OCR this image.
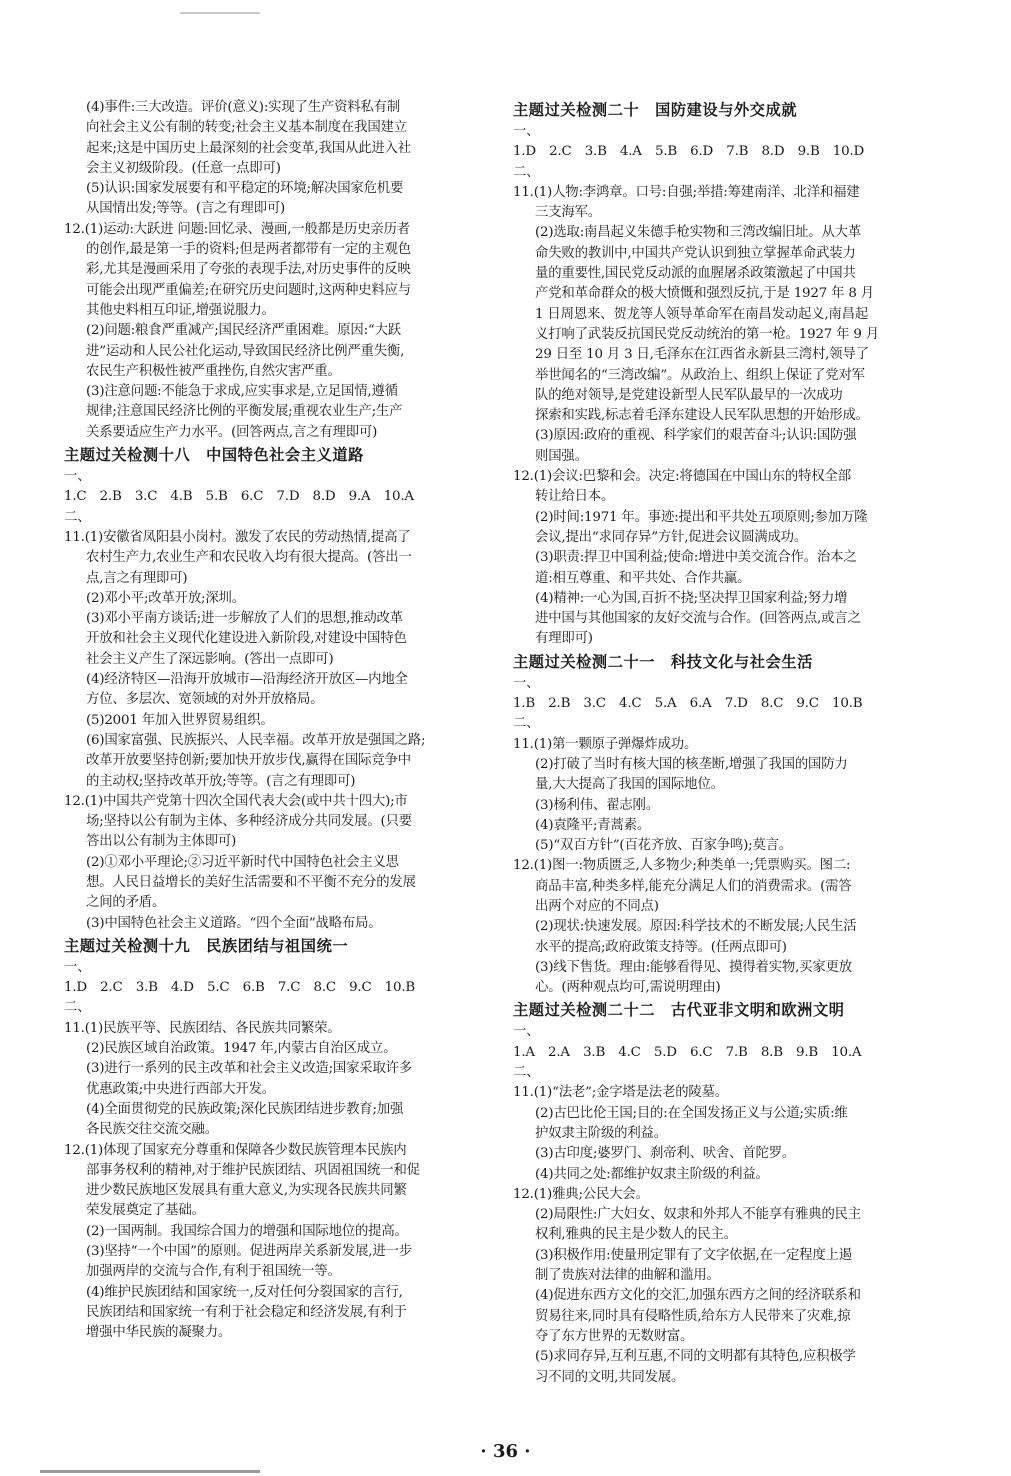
(4)事件:三大改造。评价(意义):实现了生产资料私有制
向社会主义公有制的转变;社会主义基本制度在我国建立
起来;这是中国历史上最深刻的社会变革,我国从此进入社
会主义初级阶段。(任意一点即可)
(5)认识:国家发展要有和平稳定的环境;解决国家危机要
从国情出发;等等。(言之有理即可)
12.(1)运动:大跃进 问题:回忆录、漫画,一般都是历史亲历者
的创作,最是第一手的资料;但是两者都带有一定的主观色
彩,尤其是漫画采用了夸张的表现手法,对历史事件的反映
可能会出现严重偏差;在研究历史问题时,这两种史料应与
其他史料相互印证,增强说服力。
(2)问题:粮食严重减产;国民经济严重困难。原因:“大跃
进”运动和人民公社化运动,导致国民经济比例严重失衡,
农民生产积极性被严重挫伤,自然灾害严重。
(3)注意问题:不能急于求成,应实事求是,立足国情,遵循
规律;注意国民经济比例的平衡发展;重视农业生产;生产
关系要适应生产力水平。(回答两点,言之有理即可)
主题过关检测十八　中国特色社会主义道路
一、
1.C　2.B　3.C　4.B　5.B　6.C　7.D　8.D　9.A　10.A
二、
11.(1)安徽省凤阳县小岗村。激发了农民的劳动热情,提高了
农村生产力,农业生产和农民收入均有很大提高。(答出一
点,言之有理即可)
(2)邓小平;改革开放;深圳。
(3)邓小平南方谈话;进一步解放了人们的思想,推动改革
开放和社会主义现代化建设进入新阶段,对建设中国特色
社会主义产生了深远影响。(答出一点即可)
(4)经济特区—沿海开放城市—沿海经济开放区—内地全
方位、多层次、宽领域的对外开放格局。
(5)2001 年加入世界贸易组织。
(6)国家富强、民族振兴、人民幸福。改革开放是强国之路;
改革开放要坚持创新;要加快开放步伐,赢得在国际竞争中
的主动权;坚持改革开放;等等。(言之有理即可)
12.(1)中国共产党第十四次全国代表大会(或中共十四大);市
场;坚持以公有制为主体、多种经济成分共同发展。(只要
答出以公有制为主体即可)
(2)①邓小平理论;②习近平新时代中国特色社会主义思
想。人民日益增长的美好生活需要和不平衡不充分的发展
之间的矛盾。
(3)中国特色社会主义道路。“四个全面”战略布局。
主题过关检测十九　民族团结与祖国统一
一、
1.D　2.C　3.B　4.D　5.C　6.B　7.C　8.C　9.C　10.B
二、
11.(1)民族平等、民族团结、各民族共同繁荣。
(2)民族区域自治政策。1947 年,内蒙古自治区成立。
(3)进行一系列的民主改革和社会主义改造;国家采取许多
优惠政策;中央进行西部大开发。
(4)全面贯彻党的民族政策;深化民族团结进步教育;加强
各民族交往交流交融。
12.(1)体现了国家充分尊重和保障各少数民族管理本民族内
部事务权利的精神,对于维护民族团结、巩固祖国统一和促
进少数民族地区发展具有重大意义,为实现各民族共同繁
荣发展奠定了基础。
(2)一国两制。我国综合国力的增强和国际地位的提高。
(3)坚持“一个中国”的原则。促进两岸关系新发展,进一步
加强两岸的交流与合作,有利于祖国统一等。
(4)维护民族团结和国家统一,反对任何分裂国家的言行,
民族团结和国家统一有利于社会稳定和经济发展,有利于
增强中华民族的凝聚力。
主题过关检测二十　国防建设与外交成就
一、
1.D　2.C　3.B　4.A　5.B　6.D　7.B　8.D　9.B　10.D
二、
11.(1)人物:李鸿章。口号:自强;举措:筹建南洋、北洋和福建
三支海军。
(2)选取:南昌起义朱德手枪实物和三湾改编旧址。从大革
命失败的教训中,中国共产党认识到独立掌握革命武装力
量的重要性,国民党反动派的血腥屠杀政策激起了中国共
产党和革命群众的极大愤慨和强烈反抗,于是 1927 年 8 月
1 日周恩来、贺龙等人领导革命军在南昌发动起义,南昌起
义打响了武装反抗国民党反动统治的第一枪。1927 年 9 月
29 日至 10 月 3 日,毛泽东在江西省永新县三湾村,领导了
举世闻名的“三湾改编”。从政治上、组织上保证了党对军
队的绝对领导,是党建设新型人民军队最早的一次成功
探索和实践,标志着毛泽东建设人民军队思想的开始形成。
(3)原因:政府的重视、科学家们的艰苦奋斗;认识:国防强
则国强。
12.(1)会议:巴黎和会。决定:将德国在中国山东的特权全部
转让给日本。
(2)时间:1971 年。事迹:提出和平共处五项原则;参加万隆
会议,提出“求同存异”方针,促进会议圆满成功。
(3)职责:捍卫中国利益;使命:增进中美交流合作。治本之
道:相互尊重、和平共处、合作共赢。
(4)精神:一心为国,百折不挠;坚决捍卫国家利益;努力增
进中国与其他国家的友好交流与合作。(回答两点,或言之
有理即可)
主题过关检测二十一　科技文化与社会生活
一、
1.B　2.B　3.C　4.C　5.A　6.A　7.D　8.C　9.C　10.B
二、
11.(1)第一颗原子弹爆炸成功。
(2)打破了当时有核大国的核垄断,增强了我国的国防力
量,大大提高了我国的国际地位。
(3)杨利伟、翟志刚。
(4)袁隆平;青蒿素。
(5)“双百方针”(百花齐放、百家争鸣);莫言。
12.(1)图一:物质匮乏,人多物少;种类单一;凭票购买。图二:
商品丰富,种类多样,能充分满足人们的消费需求。(需答
出两个对应的不同点)
(2)现状:快速发展。原因:科学技术的不断发展;人民生活
水平的提高;政府政策支持等。(任两点即可)
(3)线下售货。理由:能够看得见、摸得着实物,买家更放
心。(两种观点均可,需说明理由)
主题过关检测二十二　古代亚非文明和欧洲文明
一、
1.A　2.A　3.B　4.C　5.D　6.C　7.B　8.B　9.B　10.A
二、
11.(1)“法老”;金字塔是法老的陵墓。
(2)古巴比伦王国;目的:在全国发扬正义与公道;实质:维
护奴隶主阶级的利益。
(3)古印度;婆罗门、刹帝利、吠舍、首陀罗。
(4)共同之处:都维护奴隶主阶级的利益。
12.(1)雅典;公民大会。
(2)局限性:广大妇女、奴隶和外邦人不能享有雅典的民主
权利,雅典的民主是少数人的民主。
(3)积极作用:使量刑定罪有了文字依据,在一定程度上遏
制了贵族对法律的曲解和滥用。
(4)促进东西方文化的交汇,加强东西方之间的经济联系和
贸易往来,同时具有侵略性质,给东方人民带来了灾难,掠
夺了东方世界的无数财富。
(5)求同存异,互利互惠,不同的文明都有其特色,应积极学
习不同的文明,共同发展。
· 36 ·
